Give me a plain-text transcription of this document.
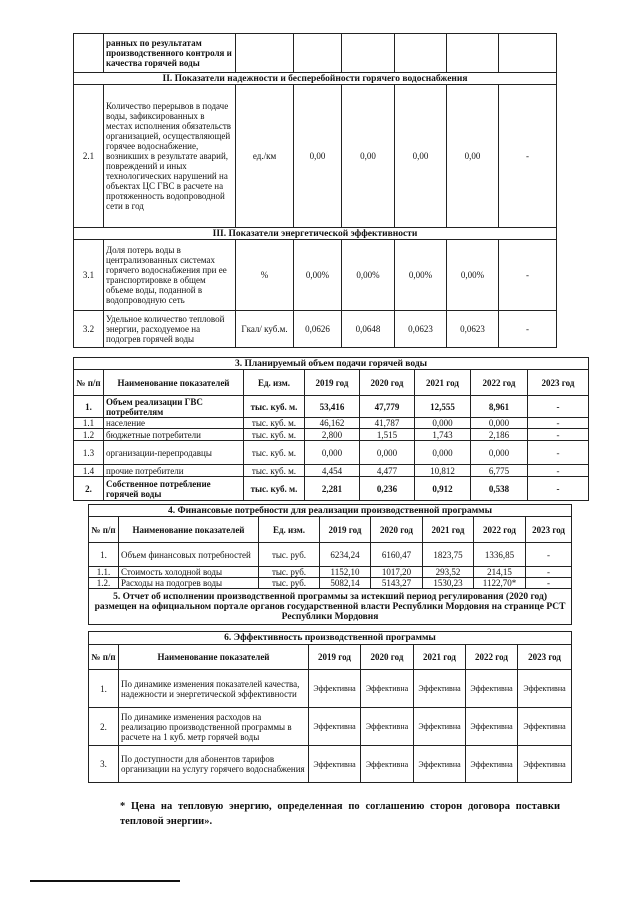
	ранных по результатам производственного контроля и качества горячей воды						
II. Показатели надежности и бесперебойности горячего водоснабжения							
2.1	Количество перерывов в подаче воды, зафиксированных в местах исполнения обязательств организацией, осуществляющей горячее водоснабжение, возникших в результате аварий, повреждений и иных технологических нарушений на объектах ЦС ГВС в расчете на протяженность водопроводной сети в год	ед./км	0,00	0,00	0,00	0,00	-
III. Показатели энергетической эффективности							
3.1	Доля потерь воды в централизованных системах горячего водоснабжения при ее транспортировке в общем объеме воды, поданной в водопроводную сеть	%	0,00%	0,00%	0,00%	0,00%	-
3.2	Удельное количество тепловой энергии, расходуемое на подогрев горячей воды	Гкал/ куб.м.	0,0626	0,0648	0,0623	0,0623	-
3. Планируемый объем подачи горячей воды							
№ п/п	Наименование показателей	Ед. изм.	2019 год	2020 год	2021 год	2022 год	2023 год
1.	Объем реализации ГВС потребителям	тыс. куб. м.	53,416	47,779	12,555	8,961	-
1.1	население	тыс. куб. м.	46,162	41,787	0,000	0,000	-
1.2	бюджетные потребители	тыс. куб. м.	2,800	1,515	1,743	2,186	-
1.3	организации-перепродавцы	тыс. куб. м.	0,000	0,000	0,000	0,000	-
1.4	прочие потребители	тыс. куб. м.	4,454	4,477	10,812	6,775	-
2.	Собственное потребление горячей воды	тыс. куб. м.	2,281	0,236	0,912	0,538	-
4. Финансовые потребности для реализации производственной программы							
№ п/п	Наименование показателей	Ед. изм.	2019 год	2020 год	2021 год	2022 год	2023 год
1.	Объем финансовых потребностей	тыс. руб.	6234,24	6160,47	1823,75	1336,85	-
1.1.	Стоимость холодной воды	тыс. руб.	1152,10	1017,20	293,52	214,15	-
1.2.	Расходы на подогрев воды	тыс. руб.	5082,14	5143,27	1530,23	1122,70*	-
5. Отчет об исполнении производственной программы за истекший период регулирования (2020 год) размещен на официальном портале органов государственной власти Республики Мордовия на странице РСТ Республики Мордовия							
6. Эффективность производственной программы						
№ п/п	Наименование показателей	2019 год	2020 год	2021 год	2022 год	2023 год
1.	По динамике изменения показателей качества, надежности и энергетической эффективности	Эффективна	Эффективна	Эффективна	Эффективна	Эффективна
2.	По динамике изменения расходов на реализацию производственной программы в расчете на 1 куб. метр горячей воды	Эффективна	Эффективна	Эффективна	Эффективна	Эффективна
3.	По доступности для абонентов тарифов организации на услугу горячего водоснабжения	Эффективна	Эффективна	Эффективна	Эффективна	Эффективна
* Цена на тепловую энергию, определенная по соглашению сторон договора поставки тепловой энергии».
